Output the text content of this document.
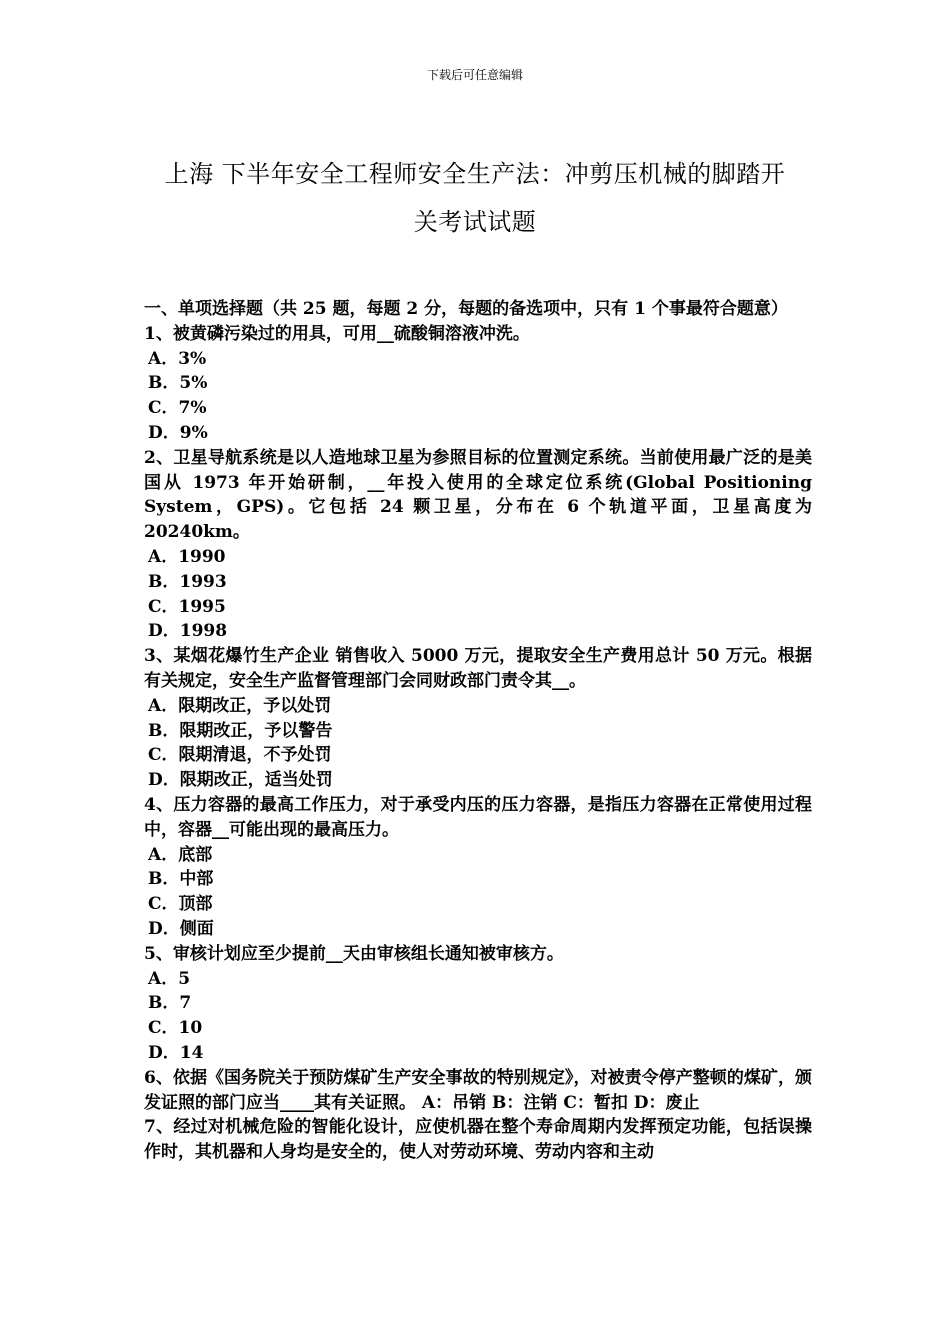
下载后可任意编辑
上海 下半年安全工程师安全生产法：冲剪压机械的脚踏开
关考试试题

一、单项选择题（共 25 题，每题 2 分，每题的备选项中，只有 1 个事最符合题意）

1、被黄磷污染过的用具，可用__硫酸铜溶液冲洗。

A．3%

B．5%

C．7%

D．9%

2、卫星导航系统是以人造地球卫星为参照目标的位置测定系统。当前使用最广泛的是美国从 1973 年开始研制，__年投入使用的全球定位系统(Global Positioning System，GPS)。它包括 24 颗卫星，分布在 6 个轨道平面，卫星高度为 20240km。

A．1990

B．1993

C．1995

D．1998

3、某烟花爆竹生产企业 销售收入 5000 万元，提取安全生产费用总计 50 万元。根据有关规定，安全生产监督管理部门会同财政部门责令其__。

A．限期改正，予以处罚

B．限期改正，予以警告

C．限期清退，不予处罚

D．限期改正，适当处罚

4、压力容器的最高工作压力，对于承受内压的压力容器，是指压力容器在正常使用过程中，容器__可能出现的最高压力。

A．底部

B．中部

C．顶部

D．侧面

5、审核计划应至少提前__天由审核组长通知被审核方。

A．5

B．7

C．10

D．14

6、依据《国务院关于预防煤矿生产安全事故的特别规定》，对被责令停产整顿的煤矿，颁发证照的部门应当____其有关证照。 A：吊销 B：注销 C：暂扣 D：废止

7、经过对机械危险的智能化设计，应使机器在整个寿命周期内发挥预定功能，包括误操作时，其机器和人身均是安全的，使人对劳动环境、劳动内容和主动
